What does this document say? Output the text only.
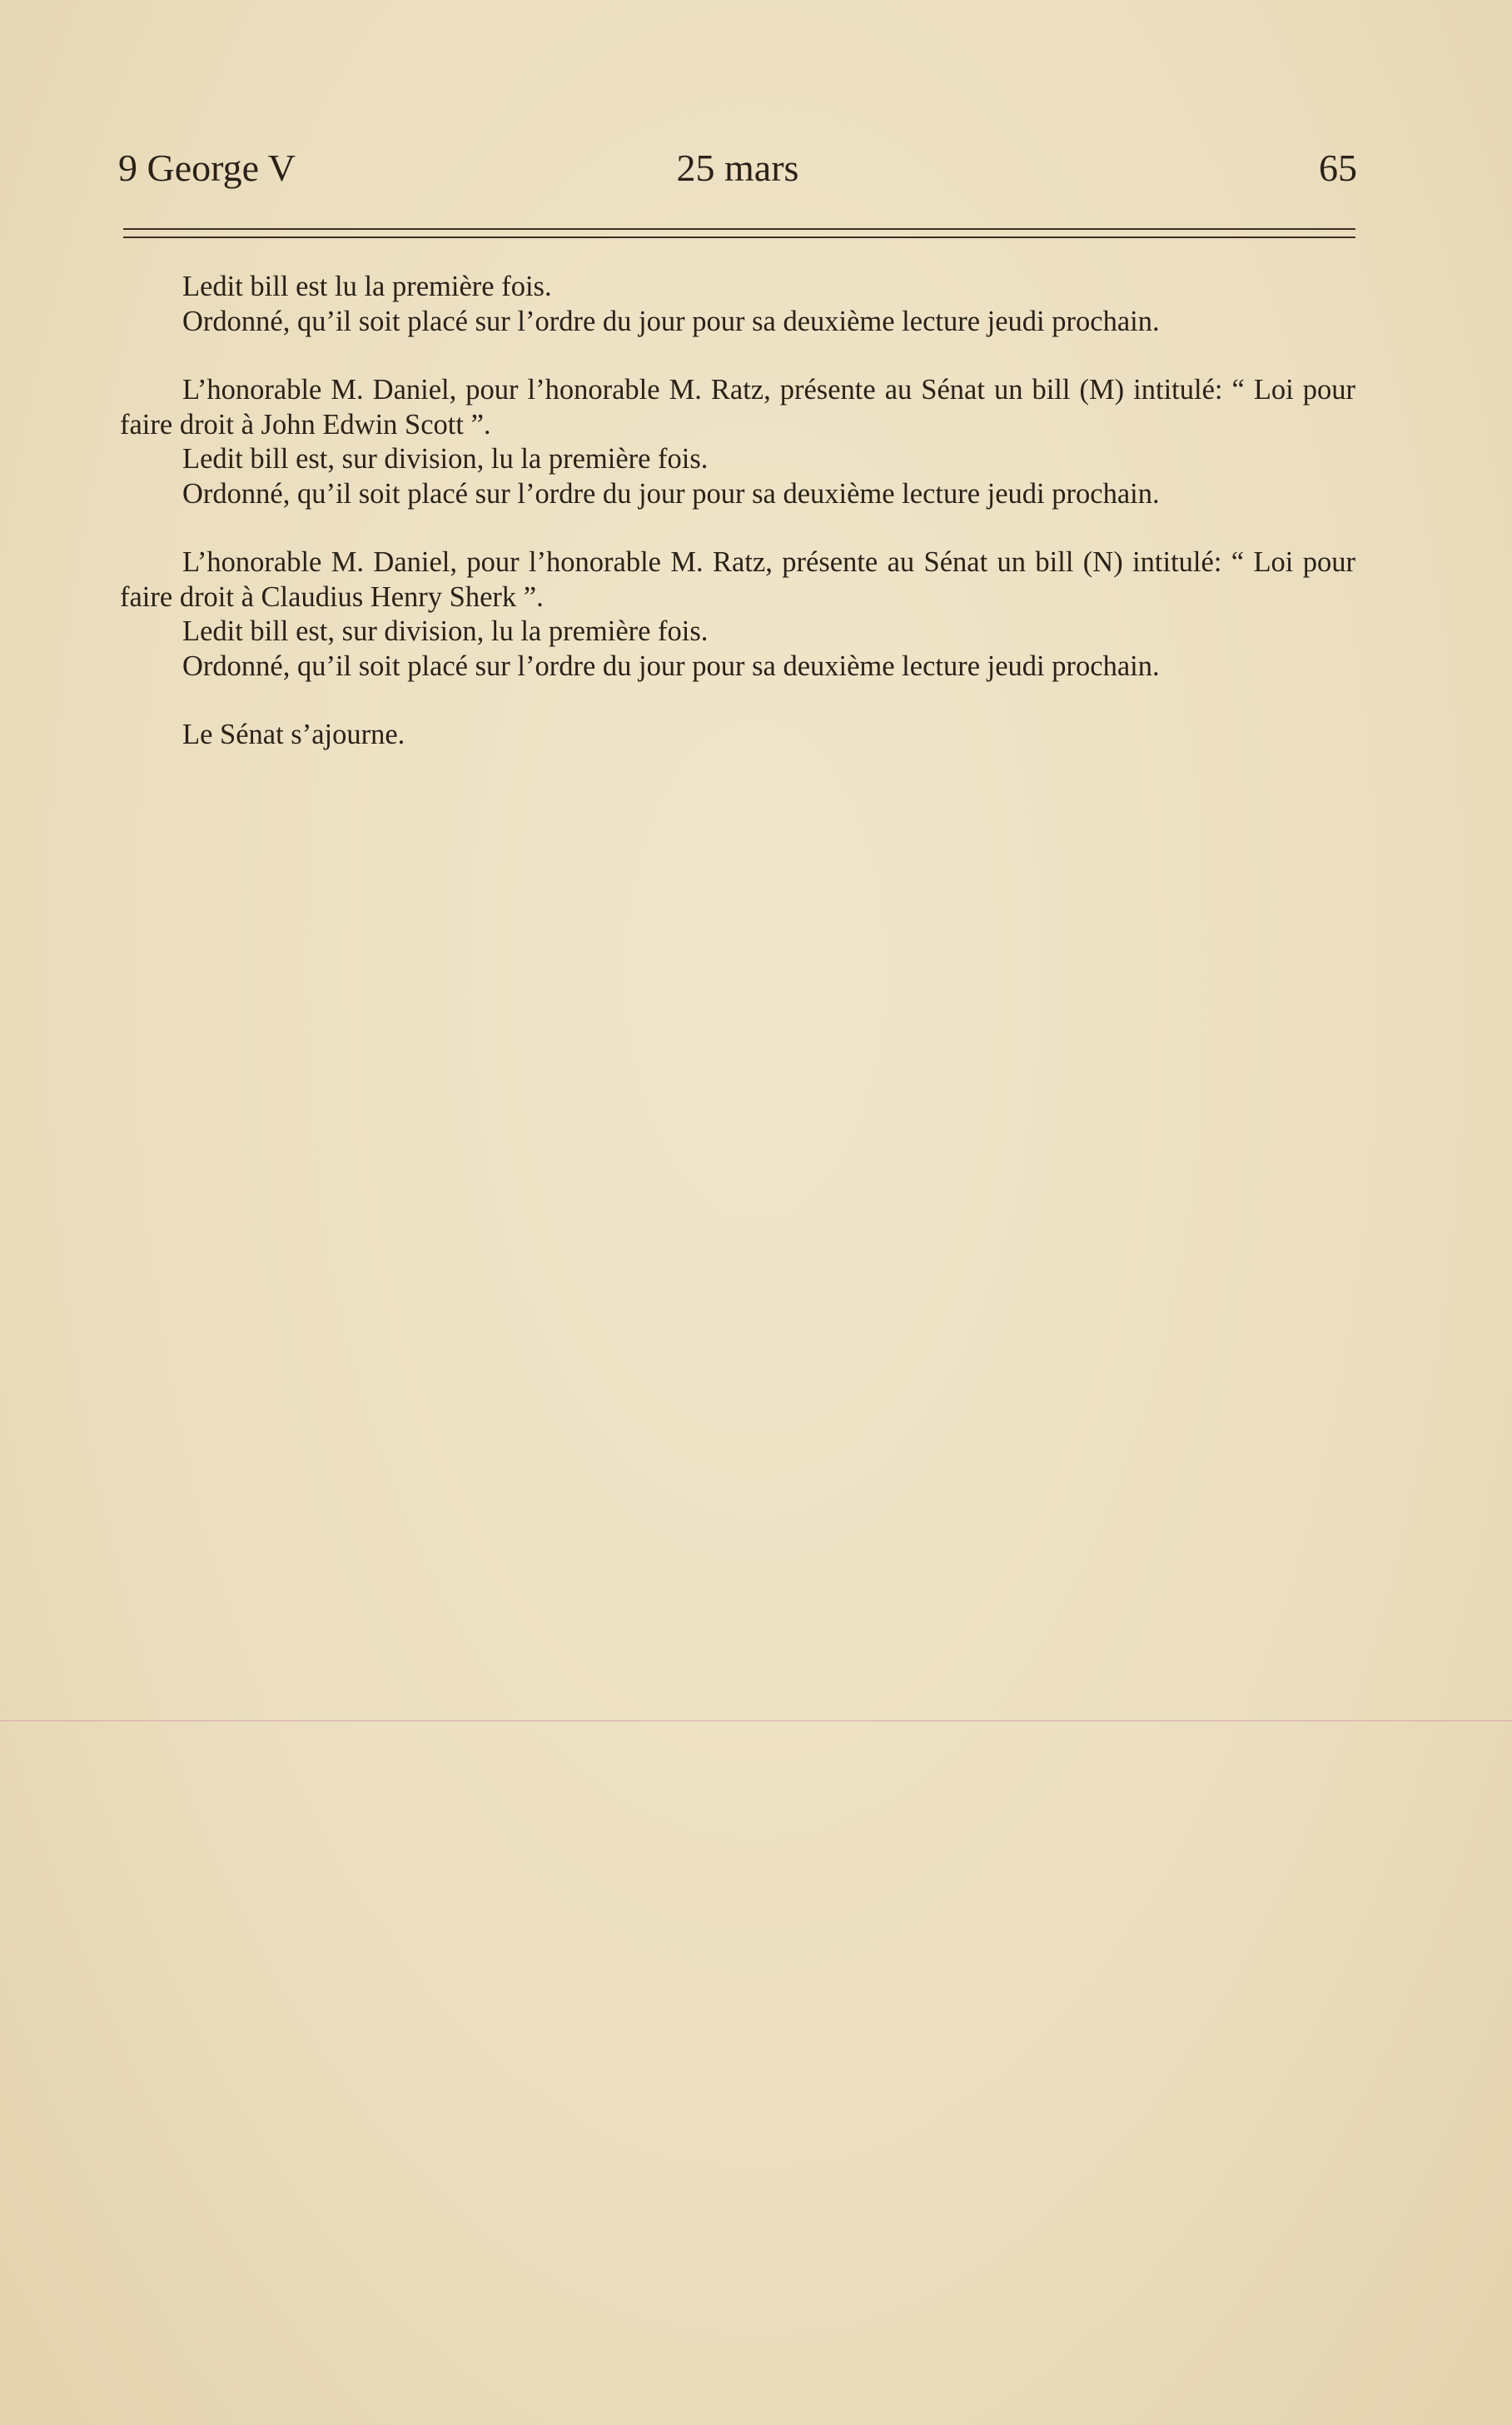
9 George V	25 mars	65

Ledit bill est lu la première fois.

Ordonné, qu’il soit placé sur l’ordre du jour pour sa deuxième lecture jeudi prochain.

L’honorable M. Daniel, pour l’honorable M. Ratz, présente au Sénat un bill (M) intitulé: “ Loi pour faire droit à John Edwin Scott ”.

Ledit bill est, sur division, lu la première fois.

Ordonné, qu’il soit placé sur l’ordre du jour pour sa deuxième lecture jeudi prochain.

L’honorable M. Daniel, pour l’honorable M. Ratz, présente au Sénat un bill (N) intitulé: “ Loi pour faire droit à Claudius Henry Sherk ”.

Ledit bill est, sur division, lu la première fois.

Ordonné, qu’il soit placé sur l’ordre du jour pour sa deuxième lecture jeudi prochain.

Le Sénat s’ajourne.
